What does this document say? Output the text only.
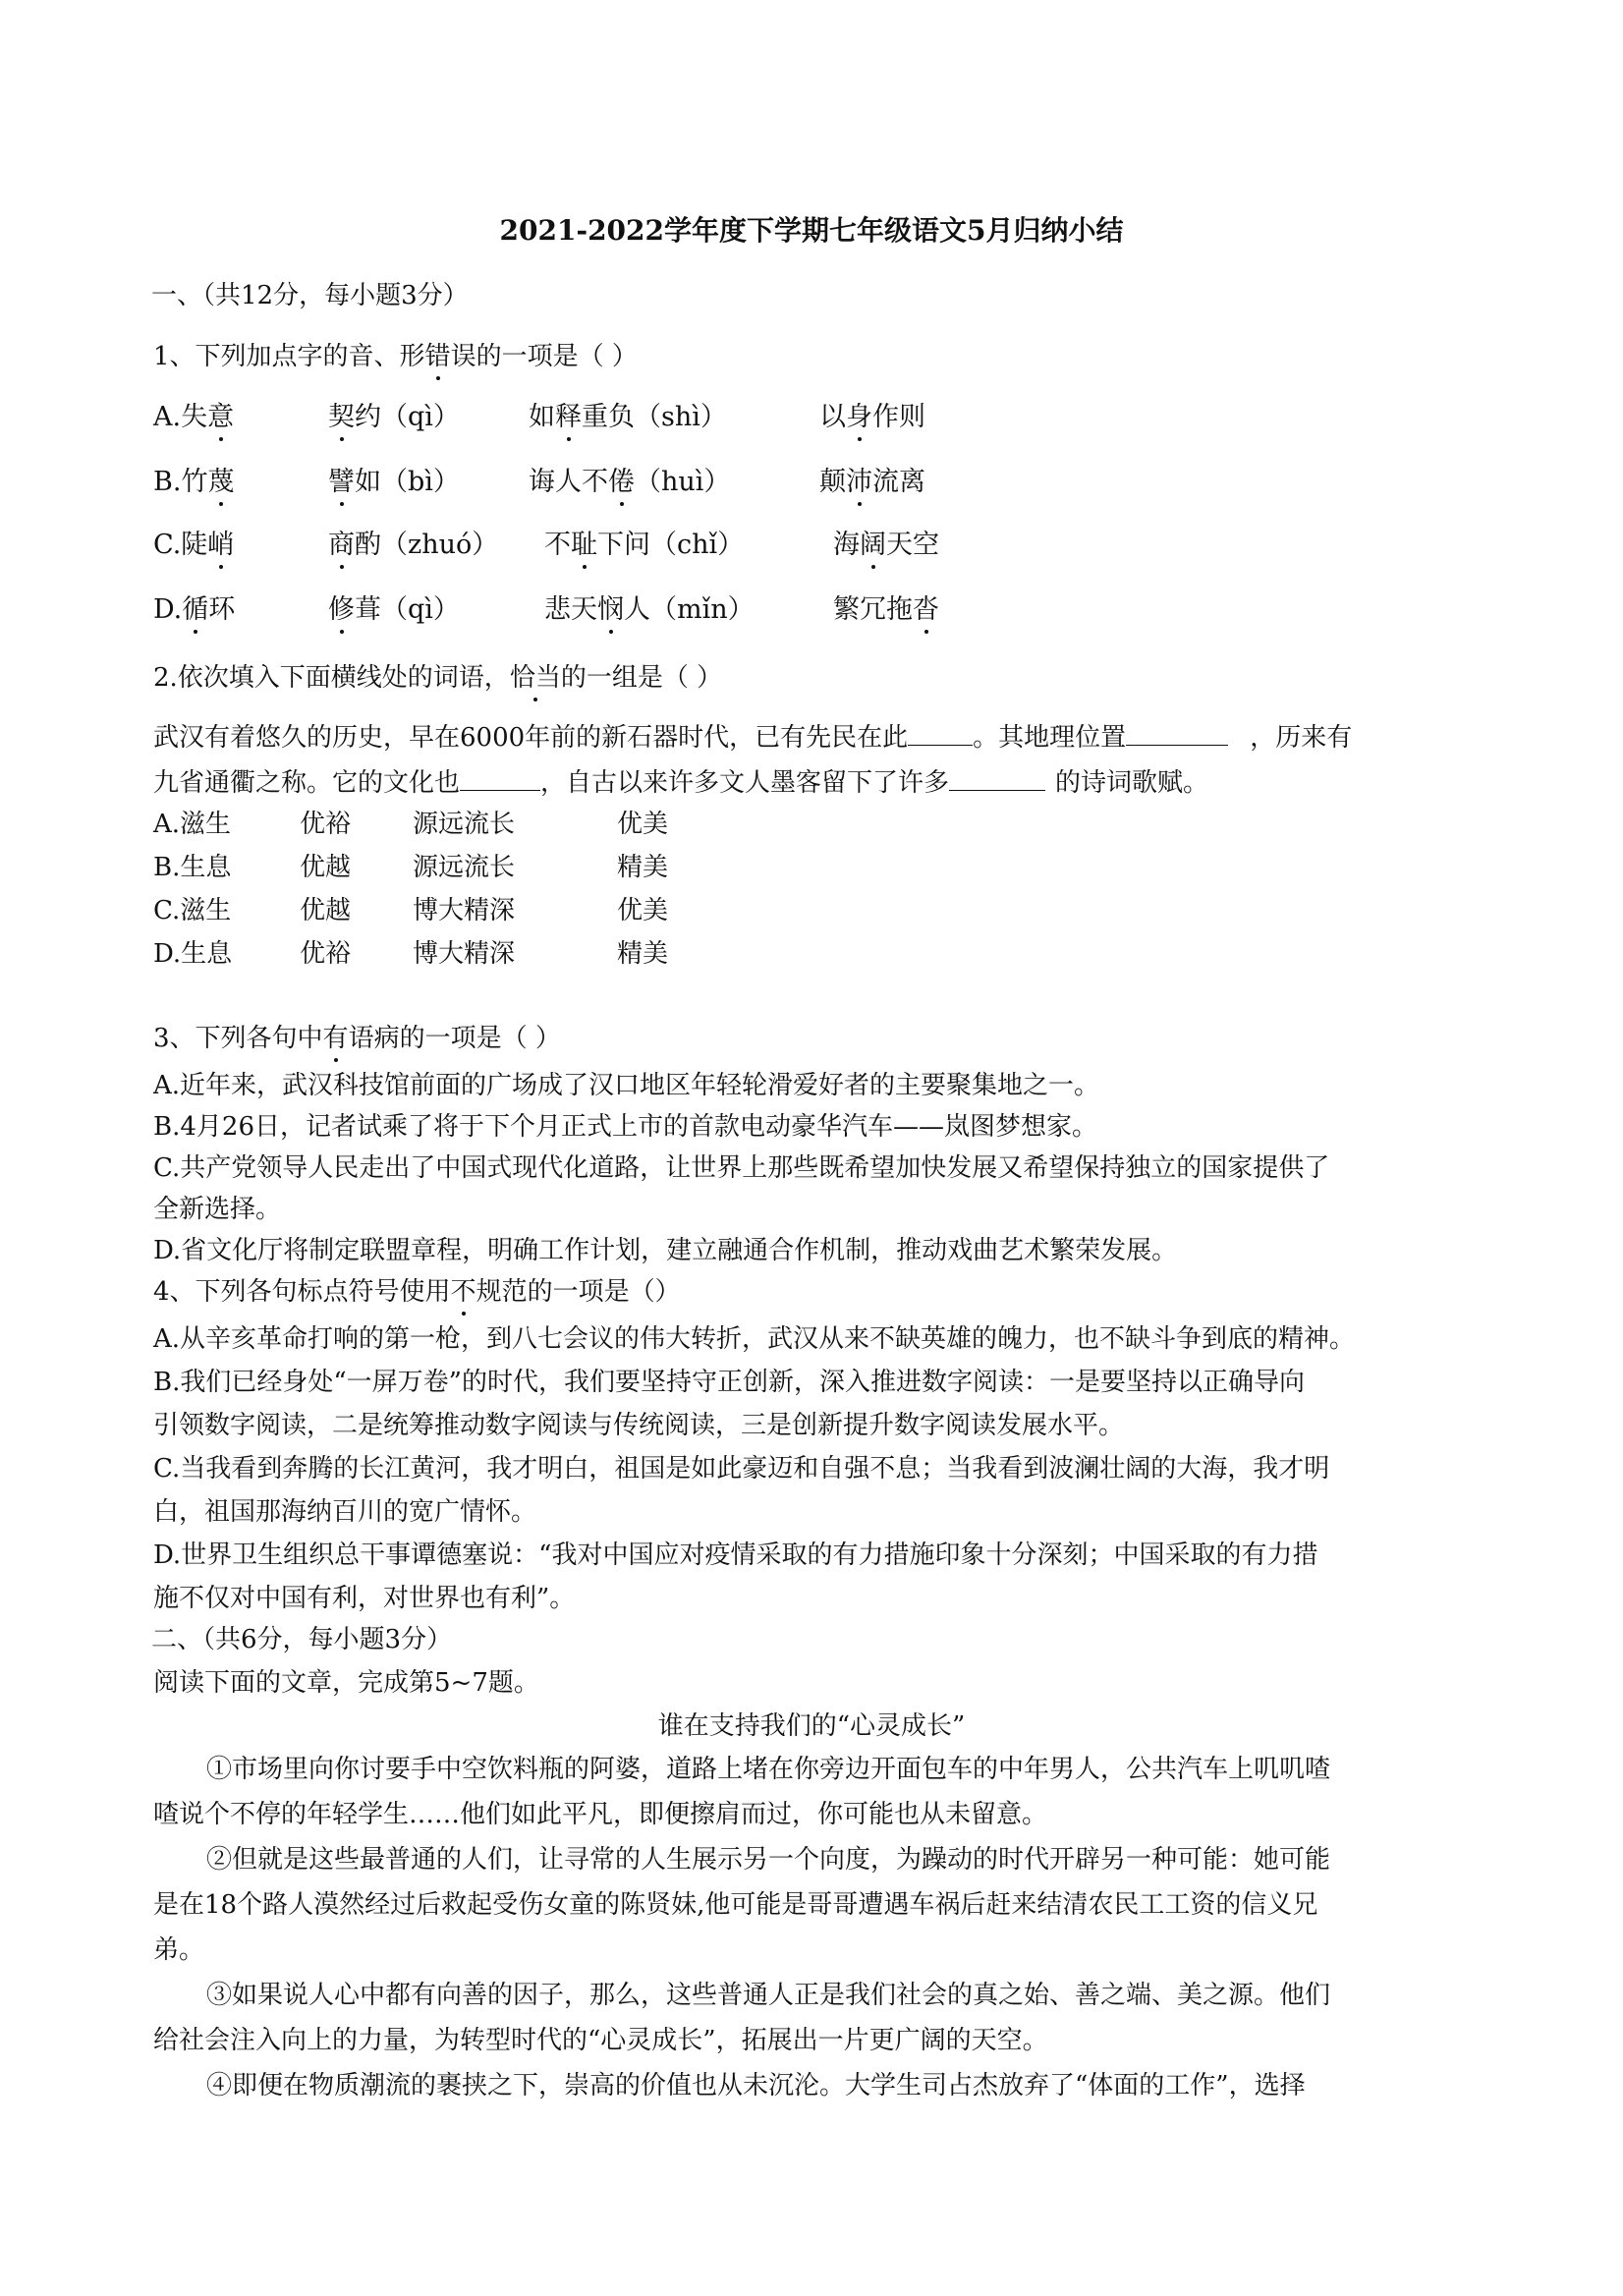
2021-2022学年度下学期七年级语文5月归纳小结
一、（共12分，每小题3分）
1、下列加点字的音、形错误的一项是（ ）
A.失意	契约（qì）	如释重负（shì）	以身作则
B.竹蔑	譬如（bì）	诲人不倦（huì）	颠沛流离
C.陡峭	商酌（zhuó） 不耻下问（chǐ）	海阔天空
D.循环	修葺（qì）	悲天悯人（mǐn）	繁冗拖沓
2.依次填入下面横线处的词语，恰当的一组是（ ）
武汉有着悠久的历史，早在6000年前的新石器时代，已有先民在此	。其地理位置	，历来有
九省通衢之称。它的文化也	，自古以来许多文人墨客留下了许多	的诗词歌赋。
A.滋生	优裕 源远流长	优美
B.生息	优越 源远流长	精美
C.滋生	优越 博大精深	优美
D.生息	优裕 博大精深	精美
3、下列各句中有语病的一项是（ ）
A.近年来，武汉科技馆前面的广场成了汉口地区年轻轮滑爱好者的主要聚集地之一。
B.4月26日，记者试乘了将于下个月正式上市的首款电动豪华汽车——岚图梦想家。
C.共产党领导人民走出了中国式现代化道路，让世界上那些既希望加快发展又希望保持独立的国家提供了
全新选择。
D.省文化厅将制定联盟章程，明确工作计划，建立融通合作机制，推动戏曲艺术繁荣发展。
4、下列各句标点符号使用不规范的一项是（）
A.从辛亥革命打响的第一枪，到八七会议的伟大转折，武汉从来不缺英雄的魄力，也不缺斗争到底的精神。
B.我们已经身处“一屏万卷”的时代，我们要坚持守正创新，深入推进数字阅读：一是要坚持以正确导向
引领数字阅读，二是统筹推动数字阅读与传统阅读，三是创新提升数字阅读发展水平。
C.当我看到奔腾的长江黄河，我才明白，祖国是如此豪迈和自强不息；当我看到波澜壮阔的大海，我才明
白，祖国那海纳百川的宽广情怀。
D.世界卫生组织总干事谭德塞说：“我对中国应对疫情采取的有力措施印象十分深刻；中国采取的有力措
施不仅对中国有利，对世界也有利”。
二、（共6分，每小题3分）
阅读下面的文章，完成第5~7题。
谁在支持我们的“心灵成长”
①市场里向你讨要手中空饮料瓶的阿婆，道路上堵在你旁边开面包车的中年男人，公共汽车上叽叽喳
喳说个不停的年轻学生……他们如此平凡，即便擦肩而过，你可能也从未留意。
②但就是这些最普通的人们，让寻常的人生展示另一个向度，为躁动的时代开辟另一种可能：她可能
是在18个路人漠然经过后救起受伤女童的陈贤妹,他可能是哥哥遭遇车祸后赶来结清农民工工资的信义兄
弟。
③如果说人心中都有向善的因子，那么，这些普通人正是我们社会的真之始、善之端、美之源。他们
给社会注入向上的力量，为转型时代的“心灵成长”，拓展出一片更广阔的天空。
④即便在物质潮流的裹挟之下，崇高的价值也从未沉沦。大学生司占杰放弃了“体面的工作”，选择
